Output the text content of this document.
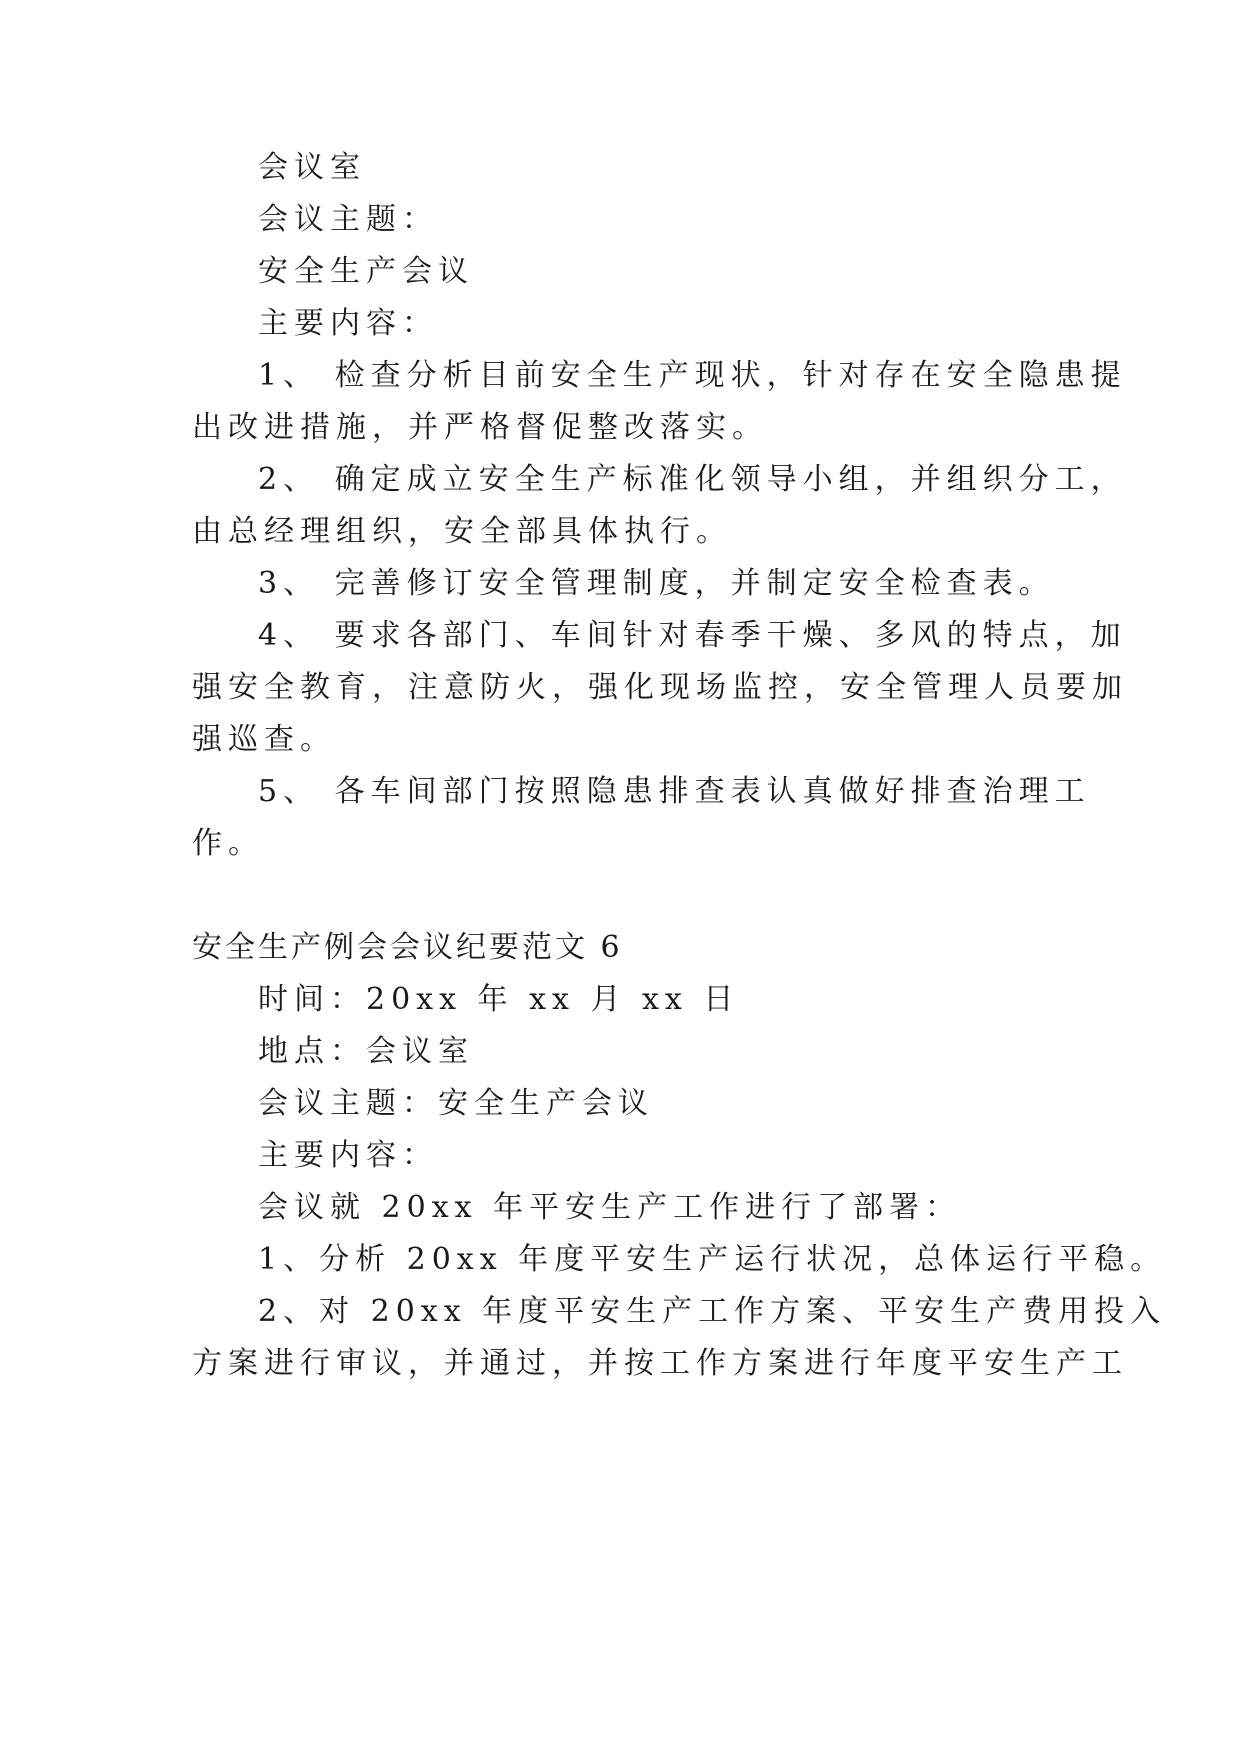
会议室
会议主题：
安全生产会议
主要内容：
1、 检查分析目前安全生产现状，针对存在安全隐患提
出改进措施，并严格督促整改落实。
2、 确定成立安全生产标准化领导小组，并组织分工，
由总经理组织，安全部具体执行。
3、 完善修订安全管理制度，并制定安全检查表。
4、 要求各部门、车间针对春季干燥、多风的特点，加
强安全教育，注意防火，强化现场监控，安全管理人员要加
强巡查。
5、 各车间部门按照隐患排查表认真做好排查治理工
作。
安全生产例会会议纪要范文 6
时间：20xx 年 xx 月 xx 日
地点：会议室
会议主题：安全生产会议
主要内容：
会议就 20xx 年平安生产工作进行了部署：
1、分析 20xx 年度平安生产运行状况，总体运行平稳。
2、对 20xx 年度平安生产工作方案、平安生产费用投入
方案进行审议，并通过，并按工作方案进行年度平安生产工
